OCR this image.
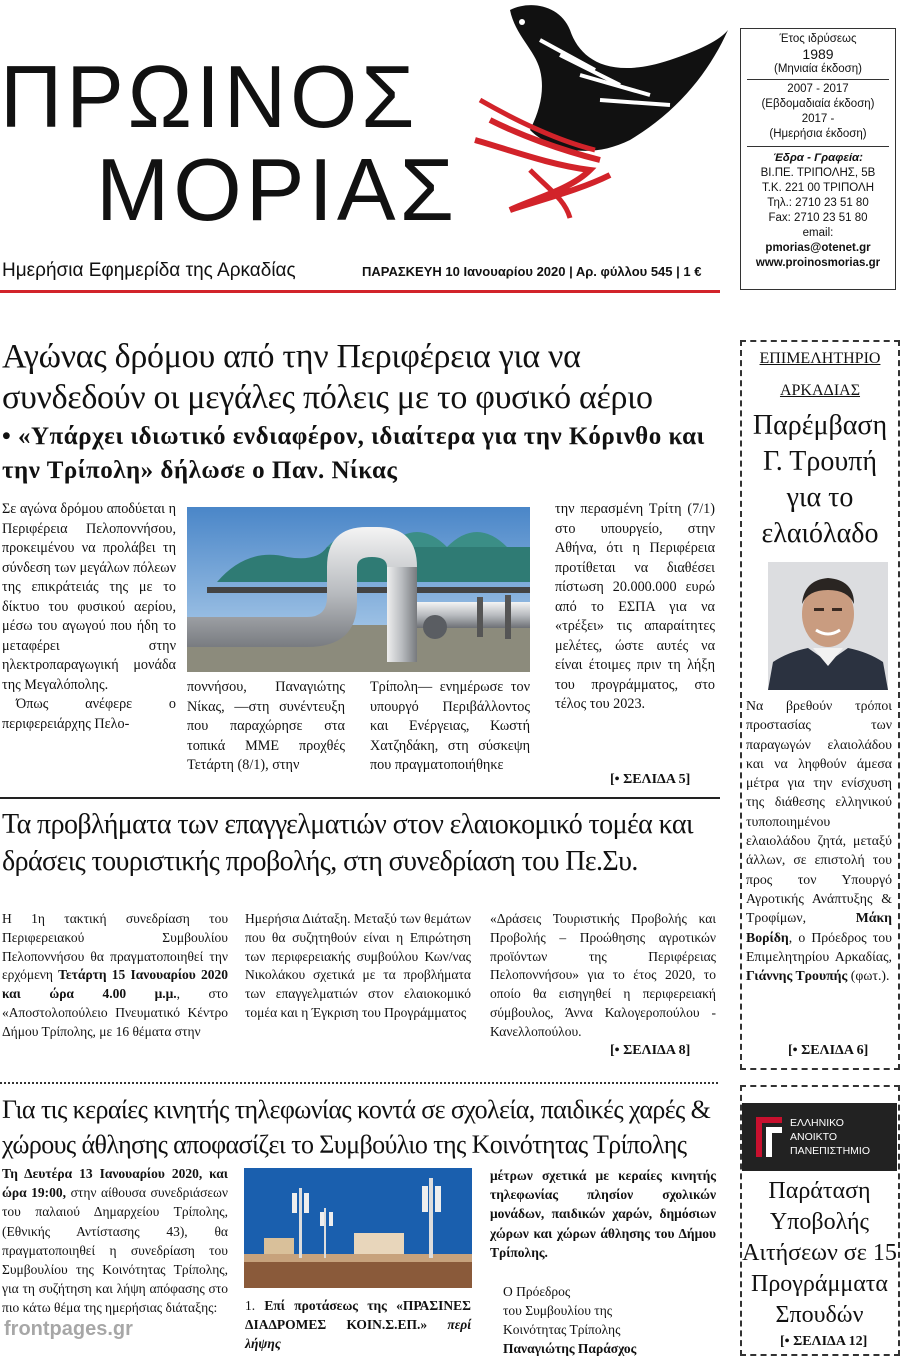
ΠΡΩΙΝΟΣ
ΜΟΡΙΑΣ
Ημερήσια Εφημερίδα της Αρκαδίας	ΠΑΡΑΣΚΕΥΗ 10 Ιανουαρίου 2020 | Αρ. φύλλου 545 | 1 €
Έτος ιδρύσεως
1989
(Μηνιαία έκδοση)
2007 - 2017
(Εβδομαδιαία έκδοση)
2017 -
(Ημερήσια έκδοση)
Έδρα - Γραφεία:
ΒΙ.ΠΕ. ΤΡΙΠΟΛΗΣ, 5Β
Τ.Κ. 221 00 ΤΡΙΠΟΛΗ
Τηλ.: 2710 23 51 80
Fax: 2710 23 51 80
email:
pmorias@otenet.gr
www.proinosmorias.gr
Αγώνας δρόμου από την Περιφέρεια για να συνδεδούν οι μεγάλες πόλεις με το φυσικό αέριο
• «Υπάρχει ιδιωτικό ενδιαφέρον, ιδιαίτερα για την Κόρινθο και την Τρίπολη» δήλωσε ο Παν. Νίκας
Σε αγώνα δρόμου αποδύεται η Περιφέρεια Πελοποννήσου, προκειμένου να προλάβει τη σύνδεση των μεγάλων πόλεων της επικράτειάς της με το δίκτυο του φυσικού αερίου, μέσω του αγωγού που ήδη το μεταφέρει στην ηλεκτροπαραγωγική μονάδα της Μεγαλόπολης.

Όπως ανέφερε ο περιφερειάρχης Πελο-
ποννήσου, Παναγιώτης Νίκας, —στη συνέντευξη που παραχώρησε στα τοπικά ΜΜΕ προχθές Τετάρτη (8/1), στην
Τρίπολη— ενημέρωσε τον υπουργό Περιβάλλοντος και Ενέργειας, Κωστή Χατζηδάκη, στη σύσκεψη που πραγματοποιήθηκε
την περασμένη Τρίτη (7/1) στο υπουργείο, στην Αθήνα, ότι η Περιφέρεια προτίθεται να διαθέσει πίστωση 20.000.000 ευρώ από το ΕΣΠΑ για να «τρέξει» τις απαραίτητες μελέτες, ώστε αυτές να είναι έτοιμες πριν τη λήξη του προγράμματος, στο τέλος του 2023.
[• ΣΕΛΙΔΑ 5]
Τα προβλήματα των επαγγελματιών στον ελαιοκομικό τομέα και δράσεις τουριστικής προβολής, στη συνεδρίαση του Πε.Συ.
Η 1η τακτική συνεδρίαση του Περιφερειακού Συμβουλίου Πελοποννήσου θα πραγματοποιηθεί την ερχόμενη Τετάρτη 15 Ιανουαρίου 2020 και ώρα 4.00 μ.μ., στο «Αποστολοπούλειο Πνευματικό Κέντρο Δήμου Τρίπολης, με 16 θέματα στην
Ημερήσια Διάταξη. Μεταξύ των θεμάτων που θα συζητηθούν είναι η Επιρώτηση των περιφερειακής συμβούλου Κων/νας Νικολάκου σχετικά με τα προβλήματα των επαγγελματιών στον ελαιοκομικό τομέα και η Έγκριση του Προγράμματος
«Δράσεις Τουριστικής Προβολής και Προβολής – Προώθησης αγροτικών προϊόντων της Περιφέρειας Πελοποννήσου» για το έτος 2020, το οποίο θα εισηγηθεί η περιφερειακή σύμβουλος, Άννα Καλογεροπούλου - Κανελλοπούλου.
[• ΣΕΛΙΔΑ 8]
Για τις κεραίες κινητής τηλεφωνίας κοντά σε σχολεία, παιδικές χαρές & χώρους άθλησης αποφασίζει το Συμβούλιο της Κοινότητας Τρίπολης
Τη Δευτέρα 13 Ιανουαρίου 2020, και ώρα 19:00, στην αίθουσα συνεδριάσεων του παλαιού Δημαρχείου Τρίπολης, (Εθνικής Αντίστασης 43), θα πραγματοποιηθεί η συνεδρίαση του Συμβουλίου της Κοινότητας Τρίπολης, για τη συζήτηση και λήψη απόφασης στο πιο κάτω θέμα της ημερήσιας διάταξης:	1. Επί προτάσεως της «ΠΡΑΣΙΝΕΣ ΔΙΑΔΡΟΜΕΣ ΚΟΙΝ.Σ.ΕΠ.» περί λήψης
μέτρων σχετικά με κεραίες κινητής τηλεφωνίας πλησίον σχολικών μονάδων, παιδικών χαρών, δημόσιων χώρων και χώρων άθλησης του Δήμου Τρίπολης.
Ο Πρόεδρος
του Συμβουλίου της
Κοινότητας Τρίπολης
Παναγιώτης Παράσχος
ΕΠΙΜΕΛΗΤΗΡΙΟ
ΑΡΚΑΔΙΑΣ
Παρέμβαση Γ. Τρουπή για το ελαιόλαδο
Να βρεθούν τρόποι προστασίας των παραγωγών ελαιολάδου και να ληφθούν άμεσα μέτρα για την ενίσχυση της διάθεσης ελληνικού τυποποιημένου ελαιολάδου ζητά, μεταξύ άλλων, σε επιστολή του προς τον Υπουργό Αγροτικής Ανάπτυξης & Τροφίμων, Μάκη Βορίδη, ο Πρόεδρος του Επιμελητηρίου Αρκαδίας, Γιάννης Τρουπής (φωτ.).
[• ΣΕΛΙΔΑ 6]
ΕΛΛΗΝΙΚΟ
ΑΝΟΙΚΤΟ
ΠΑΝΕΠΙΣΤΗΜΙΟ
Παράταση Υποβολής Αιτήσεων σε 15 Προγράμματα Σπουδών
[• ΣΕΛΙΔΑ 12]
frontpages.gr
